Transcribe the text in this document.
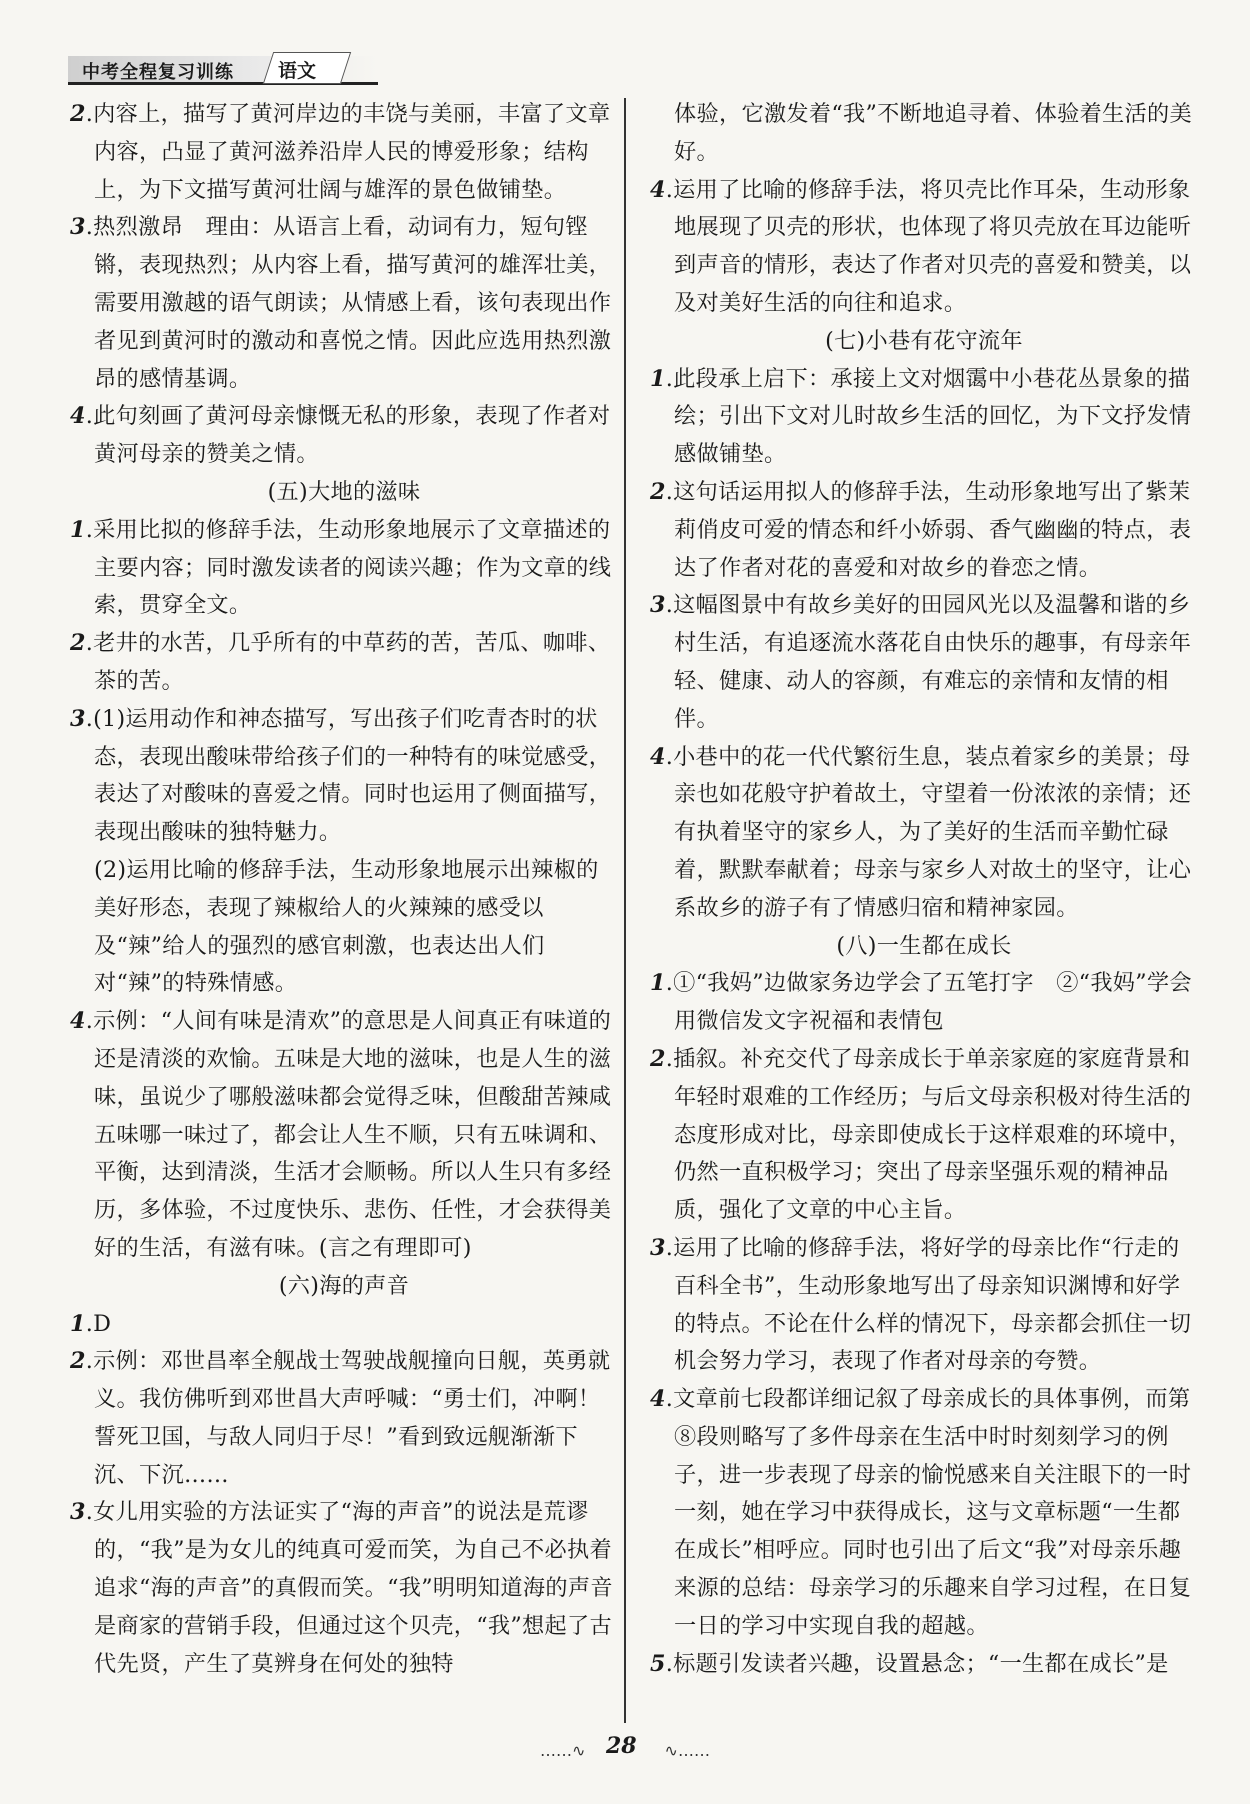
中考全程复习训练 语文

2.内容上，描写了黄河岸边的丰饶与美丽，丰富了文章内容，凸显了黄河滋养沿岸人民的博爱形象；结构上，为下文描写黄河壮阔与雄浑的景色做铺垫。

3.热烈激昂　理由：从语言上看，动词有力，短句铿锵，表现热烈；从内容上看，描写黄河的雄浑壮美，需要用激越的语气朗读；从情感上看，该句表现出作者见到黄河时的激动和喜悦之情。因此应选用热烈激昂的感情基调。

4.此句刻画了黄河母亲慷慨无私的形象，表现了作者对黄河母亲的赞美之情。

(五)大地的滋味

1.采用比拟的修辞手法，生动形象地展示了文章描述的主要内容；同时激发读者的阅读兴趣；作为文章的线索，贯穿全文。

2.老井的水苦，几乎所有的中草药的苦，苦瓜、咖啡、茶的苦。

3.(1)运用动作和神态描写，写出孩子们吃青杏时的状态，表现出酸味带给孩子们的一种特有的味觉感受，表达了对酸味的喜爱之情。同时也运用了侧面描写，表现出酸味的独特魅力。

(2)运用比喻的修辞手法，生动形象地展示出辣椒的美好形态，表现了辣椒给人的火辣辣的感受以及“辣”给人的强烈的感官刺激，也表达出人们对“辣”的特殊情感。

4.示例：“人间有味是清欢”的意思是人间真正有味道的还是清淡的欢愉。五味是大地的滋味，也是人生的滋味，虽说少了哪般滋味都会觉得乏味，但酸甜苦辣咸五味哪一味过了，都会让人生不顺，只有五味调和、平衡，达到清淡，生活才会顺畅。所以人生只有多经历，多体验，不过度快乐、悲伤、任性，才会获得美好的生活，有滋有味。(言之有理即可)

(六)海的声音

1.D

2.示例：邓世昌率全舰战士驾驶战舰撞向日舰，英勇就义。我仿佛听到邓世昌大声呼喊：“勇士们，冲啊！誓死卫国，与敌人同归于尽！”看到致远舰渐渐下沉、下沉……

3.女儿用实验的方法证实了“海的声音”的说法是荒谬的，“我”是为女儿的纯真可爱而笑，为自己不必执着追求“海的声音”的真假而笑。“我”明明知道海的声音是商家的营销手段，但通过这个贝壳，“我”想起了古代先贤，产生了莫辨身在何处的独特

体验，它激发着“我”不断地追寻着、体验着生活的美好。

4.运用了比喻的修辞手法，将贝壳比作耳朵，生动形象地展现了贝壳的形状，也体现了将贝壳放在耳边能听到声音的情形，表达了作者对贝壳的喜爱和赞美，以及对美好生活的向往和追求。

(七)小巷有花守流年

1.此段承上启下：承接上文对烟霭中小巷花丛景象的描绘；引出下文对儿时故乡生活的回忆，为下文抒发情感做铺垫。

2.这句话运用拟人的修辞手法，生动形象地写出了紫茉莉俏皮可爱的情态和纤小娇弱、香气幽幽的特点，表达了作者对花的喜爱和对故乡的眷恋之情。

3.这幅图景中有故乡美好的田园风光以及温馨和谐的乡村生活，有追逐流水落花自由快乐的趣事，有母亲年轻、健康、动人的容颜，有难忘的亲情和友情的相伴。

4.小巷中的花一代代繁衍生息，装点着家乡的美景；母亲也如花般守护着故土，守望着一份浓浓的亲情；还有执着坚守的家乡人，为了美好的生活而辛勤忙碌着，默默奉献着；母亲与家乡人对故土的坚守，让心系故乡的游子有了情感归宿和精神家园。

(八)一生都在成长

1.①“我妈”边做家务边学会了五笔打字　②“我妈”学会用微信发文字祝福和表情包

2.插叙。补充交代了母亲成长于单亲家庭的家庭背景和年轻时艰难的工作经历；与后文母亲积极对待生活的态度形成对比，母亲即使成长于这样艰难的环境中，仍然一直积极学习；突出了母亲坚强乐观的精神品质，强化了文章的中心主旨。

3.运用了比喻的修辞手法，将好学的母亲比作“行走的百科全书”，生动形象地写出了母亲知识渊博和好学的特点。不论在什么样的情况下，母亲都会抓住一切机会努力学习，表现了作者对母亲的夸赞。

4.文章前七段都详细记叙了母亲成长的具体事例，而第⑧段则略写了多件母亲在生活中时时刻刻学习的例子，进一步表现了母亲的愉悦感来自关注眼下的一时一刻，她在学习中获得成长，这与文章标题“一生都在成长”相呼应。同时也引出了后文“我”对母亲乐趣来源的总结：母亲学习的乐趣来自学习过程，在日复一日的学习中实现自我的超越。

5.标题引发读者兴趣，设置悬念；“一生都在成长”是

‥‥‥∿ 28 ∿‥‥‥
